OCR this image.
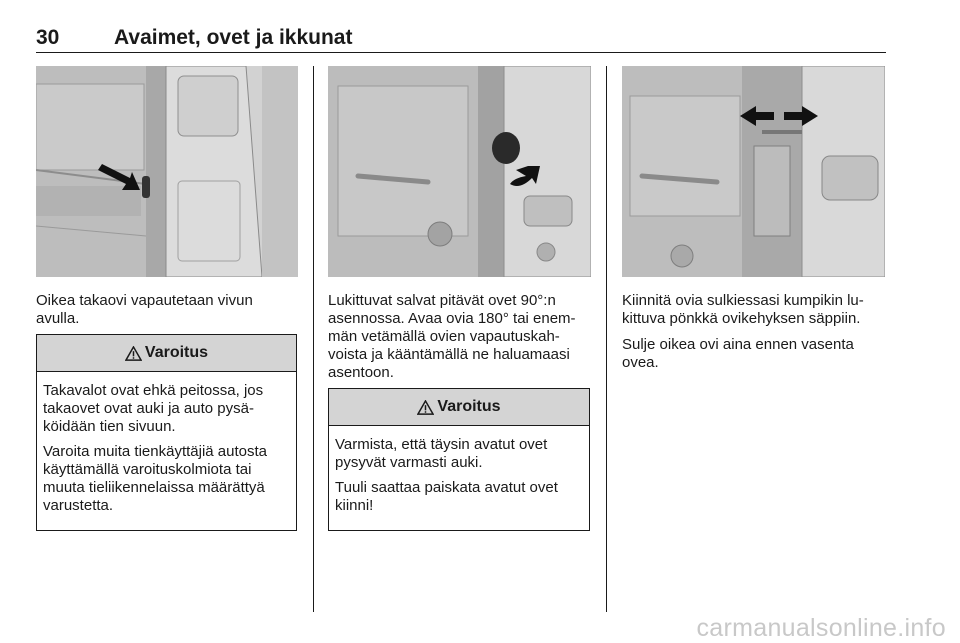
30	Avaimet, ovet ja ikkunat

Oikea takaovi vapautetaan vivun avulla.

Varoitus

Takavalot ovat ehkä peitossa, jos takaovet ovat auki ja auto pysä-köidään tien sivuun.

Varoita muita tienkäyttäjiä autosta käyttämällä varoituskolmiota tai muuta tieliikennelaissa määrättyä varustetta.

Lukittuvat salvat pitävät ovet 90°:n asennossa. Avaa ovia 180° tai enem-män vetämällä ovien vapautuskah-voista ja kääntämällä ne haluamaasi asentoon.

Varoitus

Varmista, että täysin avatut ovet pysyvät varmasti auki.

Tuuli saattaa paiskata avatut ovet kiinni!

Kiinnitä ovia sulkiessasi kumpikin lu-kittuva pönkkä ovikehyksen säppiin.

Sulje oikea ovi aina ennen vasenta ovea.

carmanualsonline.info
